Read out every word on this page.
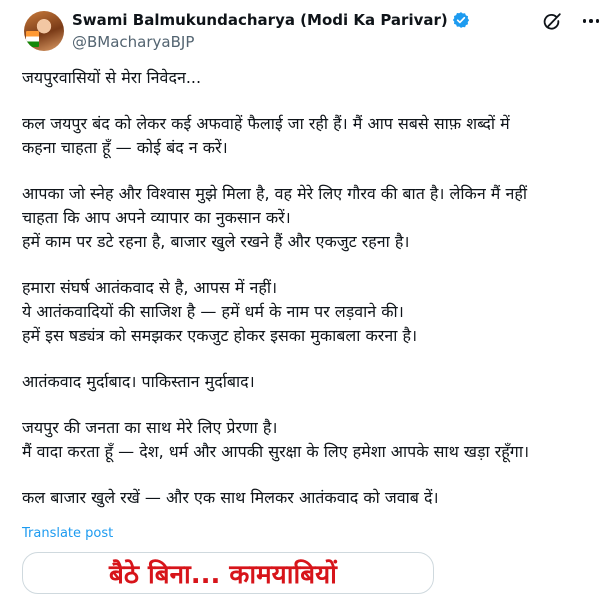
Swami Balmukundacharya (Modi Ka Parivar)
@BMacharyaBJP

जयपुरवासियों से मेरा निवेदन...

कल जयपुर बंद को लेकर कई अफवाहें फैलाई जा रही हैं। मैं आप सबसे साफ़ शब्दों में
कहना चाहता हूँ — कोई बंद न करें।

आपका जो स्नेह और विश्वास मुझे मिला है, वह मेरे लिए गौरव की बात है। लेकिन मैं नहीं
चाहता कि आप अपने व्यापार का नुकसान करें।
हमें काम पर डटे रहना है, बाजार खुले रखने हैं और एकजुट रहना है।

हमारा संघर्ष आतंकवाद से है, आपस में नहीं।
ये आतंकवादियों की साजिश है — हमें धर्म के नाम पर लड़वाने की।
हमें इस षड्यंत्र को समझकर एकजुट होकर इसका मुकाबला करना है।

आतंकवाद मुर्दाबाद। पाकिस्तान मुर्दाबाद।

जयपुर की जनता का साथ मेरे लिए प्रेरणा है।
मैं वादा करता हूँ — देश, धर्म और आपकी सुरक्षा के लिए हमेशा आपके साथ खड़ा रहूँगा।

कल बाजार खुले रखें — और एक साथ मिलकर आतंकवाद को जवाब दें।

Translate post
बैठे बिना... कामयाबियों
